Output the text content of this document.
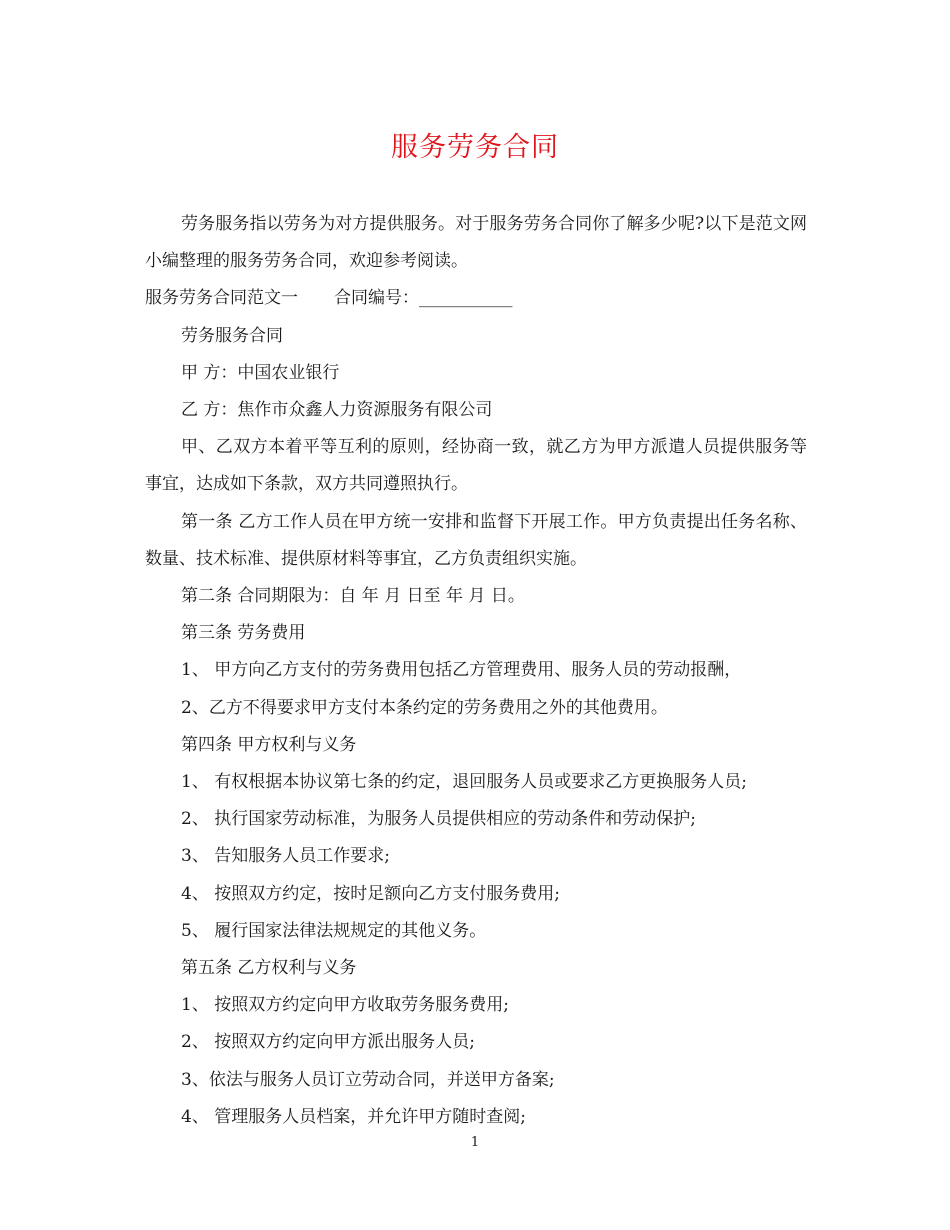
服务劳务合同

劳务服务指以劳务为对方提供服务。对于服务劳务合同你了解多少呢?以下是范文网小编整理的服务劳务合同，欢迎参考阅读。

服务劳务合同范文一 合同编号：___________

劳务服务合同

甲 方：中国农业银行

乙 方：焦作市众鑫人力资源服务有限公司

甲、乙双方本着平等互利的原则，经协商一致，就乙方为甲方派遣人员提供服务等事宜，达成如下条款，双方共同遵照执行。

第一条 乙方工作人员在甲方统一安排和监督下开展工作。甲方负责提出任务名称、数量、技术标准、提供原材料等事宜，乙方负责组织实施。

第二条 合同期限为：自 年 月 日至 年 月 日。

第三条 劳务费用

1、 甲方向乙方支付的劳务费用包括乙方管理费用、服务人员的劳动报酬，

2、乙方不得要求甲方支付本条约定的劳务费用之外的其他费用。

第四条 甲方权利与义务

1、 有权根据本协议第七条的约定，退回服务人员或要求乙方更换服务人员;

2、 执行国家劳动标准，为服务人员提供相应的劳动条件和劳动保护;

3、 告知服务人员工作要求;

4、 按照双方约定，按时足额向乙方支付服务费用;

5、 履行国家法律法规规定的其他义务。

第五条 乙方权利与义务

1、 按照双方约定向甲方收取劳务服务费用;

2、 按照双方约定向甲方派出服务人员;

3、依法与服务人员订立劳动合同，并送甲方备案;

4、 管理服务人员档案，并允许甲方随时查阅;

1
